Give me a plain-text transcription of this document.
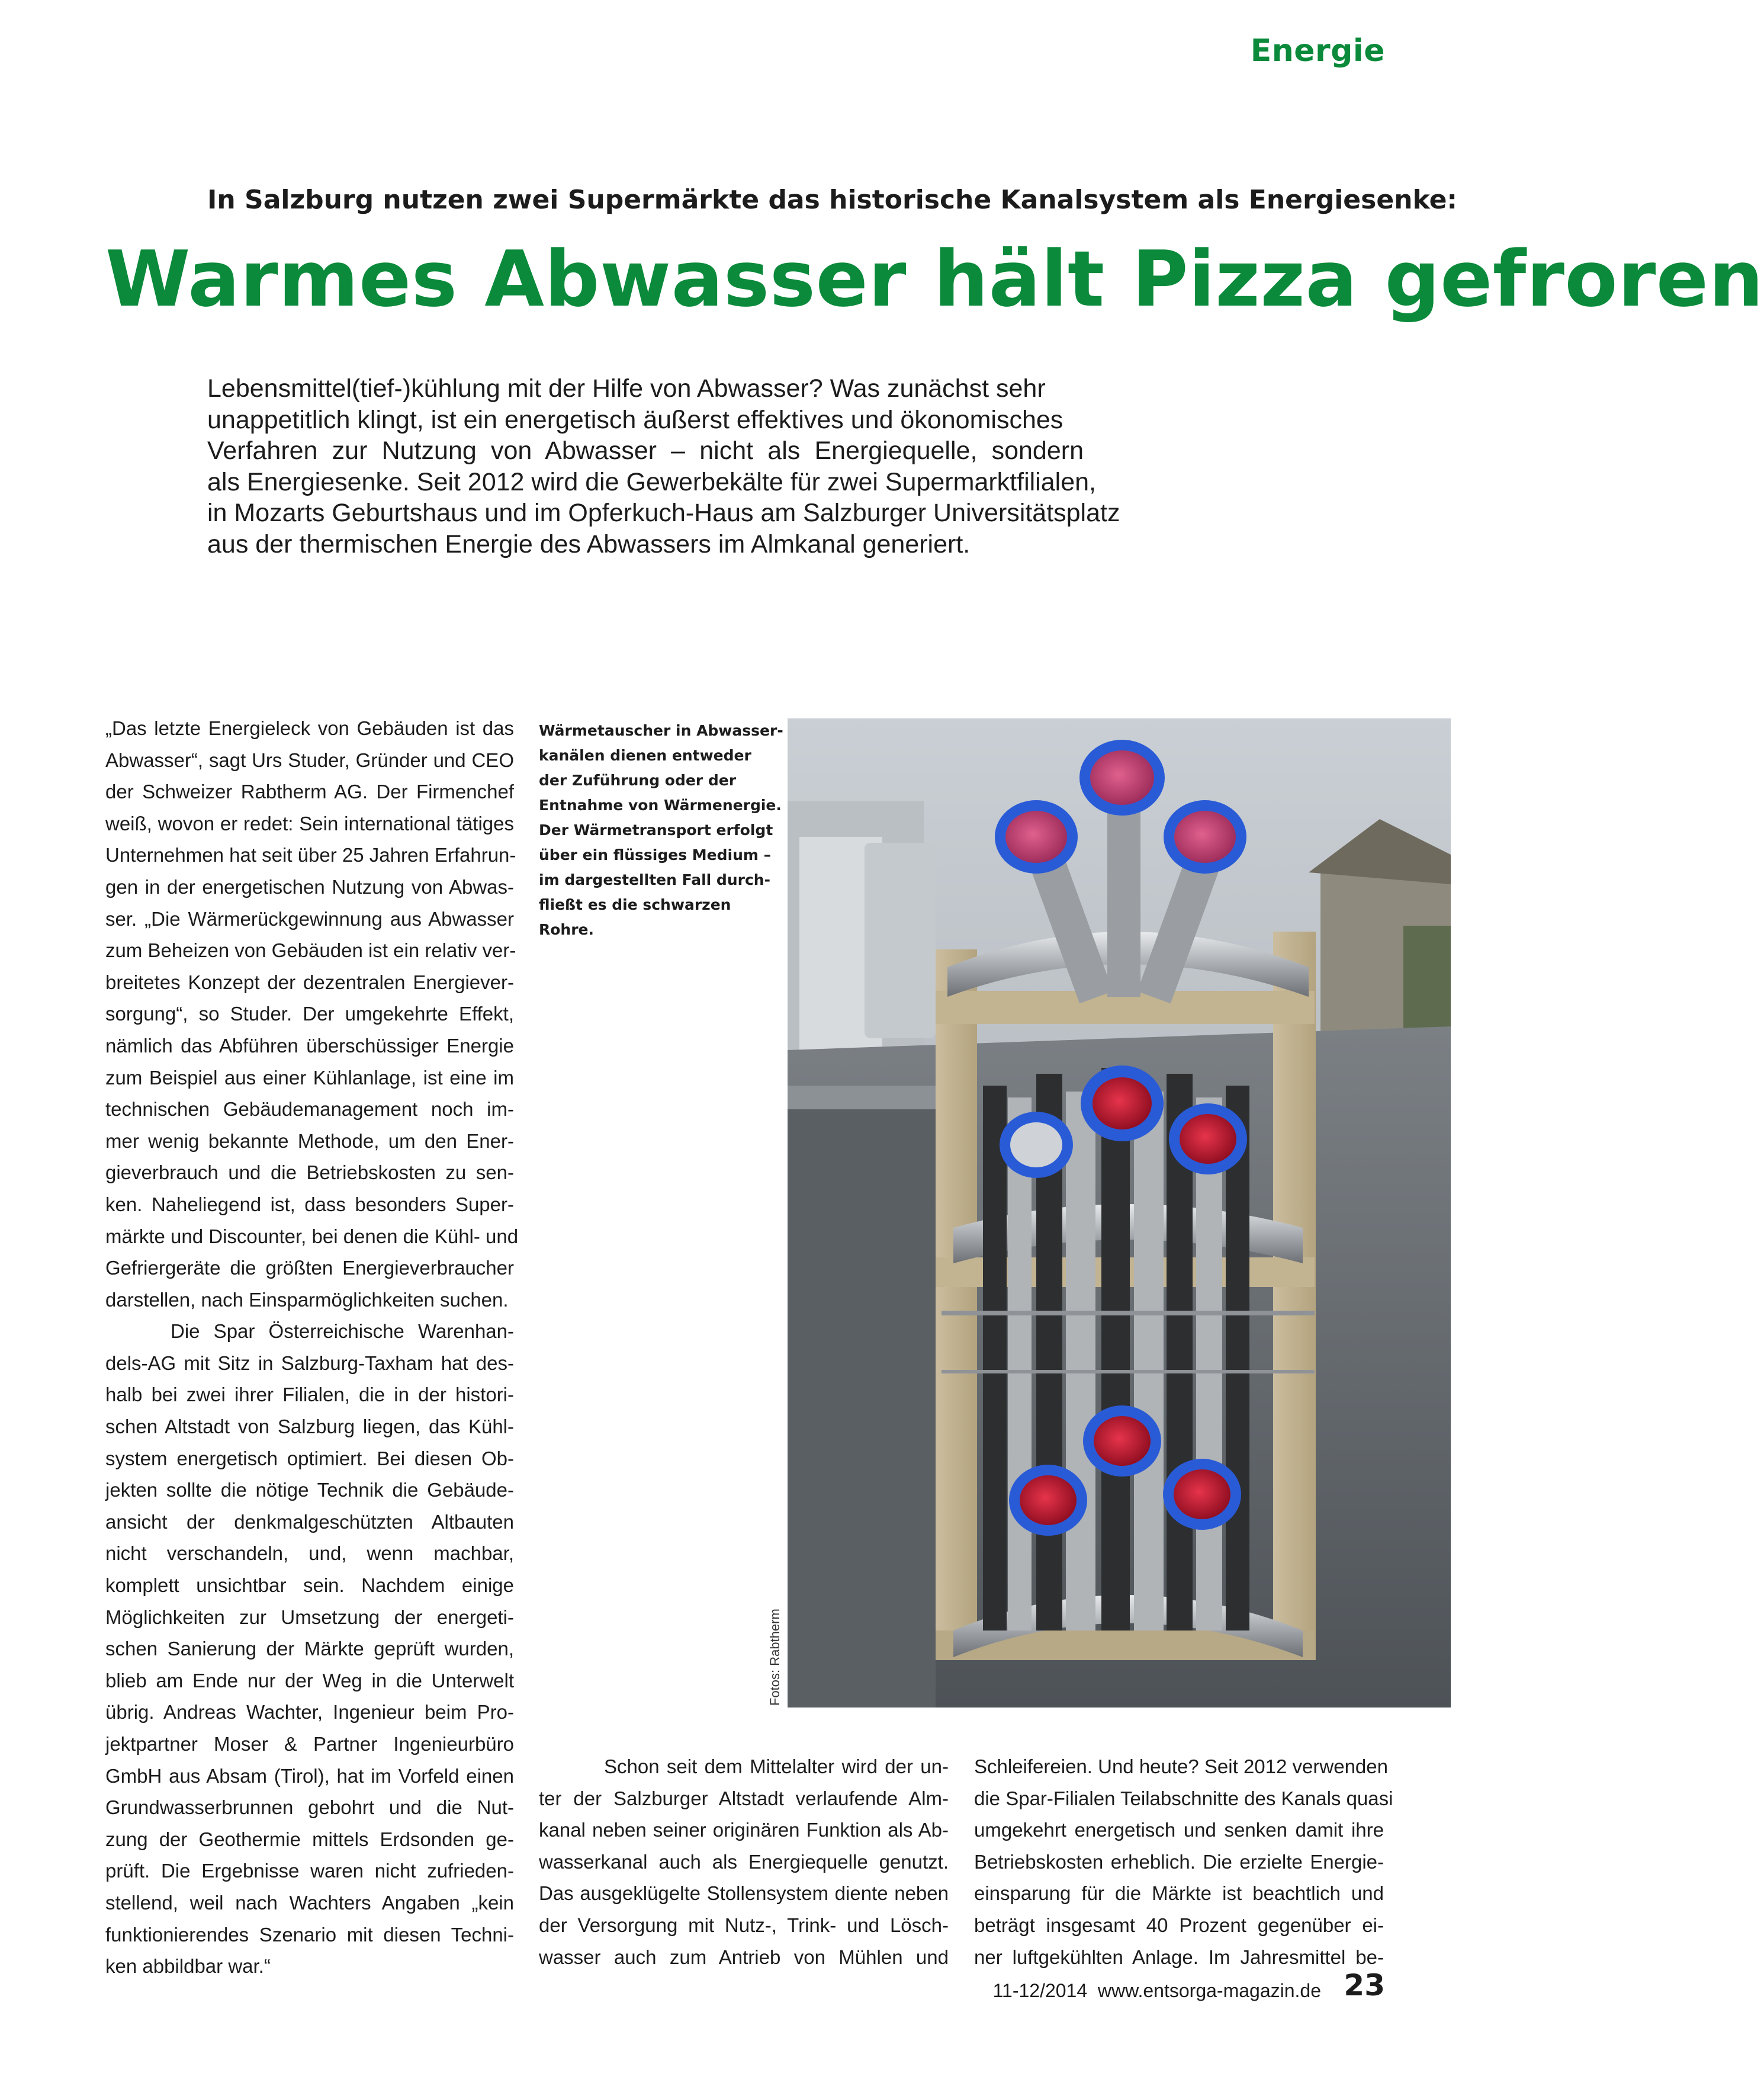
Energie
In Salzburg nutzen zwei Supermärkte das historische Kanalsystem als Energiesenke:
Warmes Abwasser hält Pizza gefroren
Lebensmittel(tief-)kühlung mit der Hilfe von Abwasser? Was zunächst sehr
unappetitlich klingt, ist ein energetisch äußerst effektives und ökonomisches
Verfahren zur Nutzung von Abwasser – nicht als Energiequelle, sondern
als Energiesenke. Seit 2012 wird die Gewerbekälte für zwei Supermarktfilialen,
in Mozarts Geburtshaus und im Opferkuch-Haus am Salzburger Universitätsplatz
aus der thermischen Energie des Abwassers im Almkanal generiert.
„Das letzte Energieleck von Gebäuden ist das
Abwasser“, sagt Urs Studer, Gründer und CEO
der Schweizer Rabtherm AG. Der Firmenchef
weiß, wovon er redet: Sein international tätiges
Unternehmen hat seit über 25 Jahren Erfahrun-
gen in der energetischen Nutzung von Abwas-
ser. „Die Wärmerückgewinnung aus Abwasser
zum Beheizen von Gebäuden ist ein relativ ver-
breitetes Konzept der dezentralen Energiever-
sorgung“, so Studer. Der umgekehrte Effekt,
nämlich das Abführen überschüssiger Energie
zum Beispiel aus einer Kühlanlage, ist eine im
technischen Gebäudemanagement noch im-
mer wenig bekannte Methode, um den Ener-
gieverbrauch und die Betriebskosten zu sen-
ken. Naheliegend ist, dass besonders Super-
märkte und Discounter, bei denen die Kühl- und
Gefriergeräte die größten Energieverbraucher
darstellen, nach Einsparmöglichkeiten suchen.
Die Spar Österreichische Warenhan-
dels-AG mit Sitz in Salzburg-Taxham hat des-
halb bei zwei ihrer Filialen, die in der histori-
schen Altstadt von Salzburg liegen, das Kühl-
system energetisch optimiert. Bei diesen Ob-
jekten sollte die nötige Technik die Gebäude-
ansicht der denkmalgeschützten Altbauten
nicht verschandeln, und, wenn machbar,
komplett unsichtbar sein. Nachdem einige
Möglichkeiten zur Umsetzung der energeti-
schen Sanierung der Märkte geprüft wurden,
blieb am Ende nur der Weg in die Unterwelt
übrig. Andreas Wachter, Ingenieur beim Pro-
jektpartner Moser & Partner Ingenieurbüro
GmbH aus Absam (Tirol), hat im Vorfeld einen
Grundwasserbrunnen gebohrt und die Nut-
zung der Geothermie mittels Erdsonden ge-
prüft. Die Ergebnisse waren nicht zufrieden-
stellend, weil nach Wachters Angaben „kein
funktionierendes Szenario mit diesen Techni-
ken abbildbar war.“
Wärmetauscher in Abwasser-
kanälen dienen entweder
der Zuführung oder der
Entnahme von Wärmenergie.
Der Wärmetransport erfolgt
über ein flüssiges Medium –
im dargestellten Fall durch-
fließt es die schwarzen
Rohre.
Fotos: Rabtherm
Schon seit dem Mittelalter wird der un-
ter der Salzburger Altstadt verlaufende Alm-
kanal neben seiner originären Funktion als Ab-
wasserkanal auch als Energiequelle genutzt.
Das ausgeklügelte Stollensystem diente neben
der Versorgung mit Nutz-, Trink- und Lösch-
wasser auch zum Antrieb von Mühlen und
Schleifereien. Und heute? Seit 2012 verwenden
die Spar-Filialen Teilabschnitte des Kanals quasi
umgekehrt energetisch und senken damit ihre
Betriebskosten erheblich. Die erzielte Energie-
einsparung für die Märkte ist beachtlich und
beträgt insgesamt 40 Prozent gegenüber ei-
ner luftgekühlten Anlage. Im Jahresmittel be-
11-12/2014 www.entsorga-magazin.de 23
